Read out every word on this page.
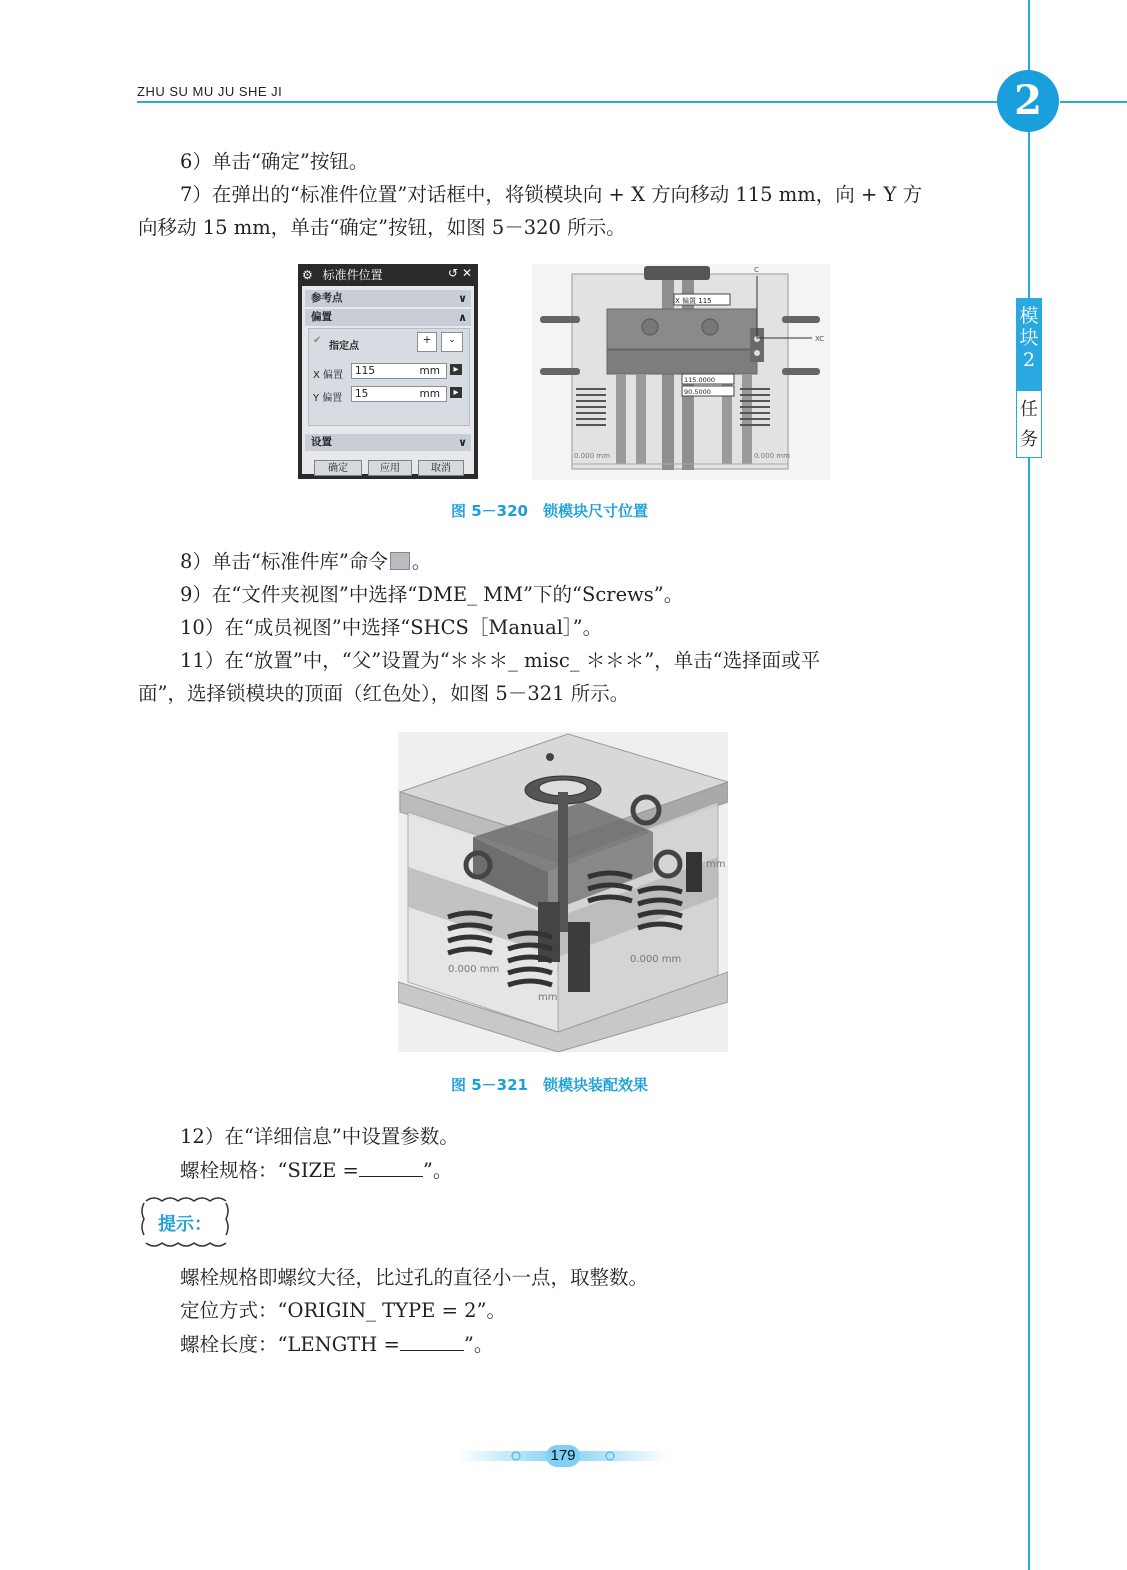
ZHU SU MU JU SHE JI	2
模
块
2
任
务
6）单击“确定”按钮。
7）在弹出的“标准件位置”对话框中，将锁模块向 + X 方向移动 115 mm，向 + Y 方
向移动 15 mm，单击“确定”按钮，如图 5－320 所示。
⚙ 标准件位置	↺ ✕
参考点	∨
偏置	∧
✔
指定点
+	⌄
X 偏置	115	mm	▸
Y 偏置	15	mm	▸
设置	∨
确定	应用	取消
X 偏置 115
115.0000
90.5000
XC
C
0.000 mm	0.000 mm
图 5－320　锁模块尺寸位置
8）单击“标准件库”命令 。
9）在“文件夹视图”中选择“DME_ MM”下的“Screws”。
10）在“成员视图”中选择“SHCS［Manual］”。
11）在“放置”中，“父”设置为“＊＊＊_ misc_ ＊＊＊”，单击“选择面或平
面”，选择锁模块的顶面（红色处），如图 5－321 所示。
0.000 mm
0.000 mm
mm
mm
图 5－321　锁模块装配效果
12）在“详细信息”中设置参数。
螺栓规格：“SIZE =	”。
提示：
螺栓规格即螺纹大径，比过孔的直径小一点，取整数。
定位方式：“ORIGIN_ TYPE = 2”。
螺栓长度：“LENGTH =	”。
179
